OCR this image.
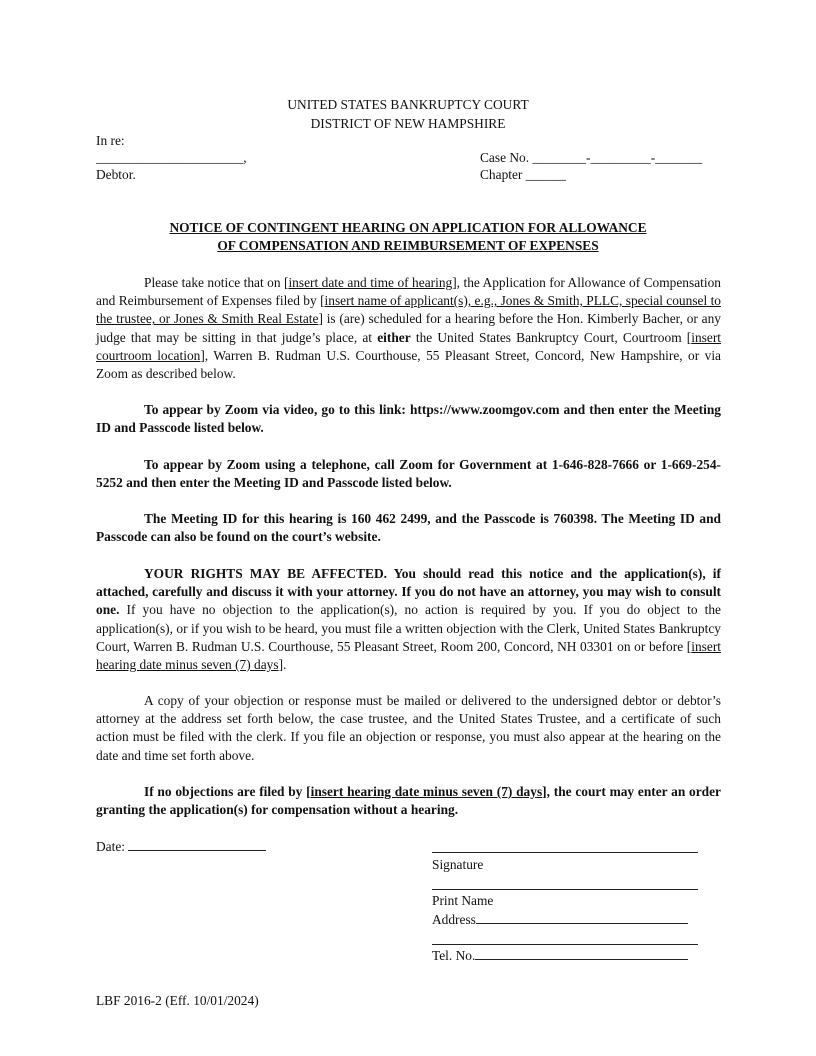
UNITED STATES BANKRUPTCY COURT
DISTRICT OF NEW HAMPSHIRE
In re:
______________________,
Debtor.
Case No. ________-_________-_______
Chapter ______
NOTICE OF CONTINGENT HEARING ON APPLICATION FOR ALLOWANCE
OF COMPENSATION AND REIMBURSEMENT OF EXPENSES
Please take notice that on [insert date and time of hearing], the Application for Allowance of Compensation and Reimbursement of Expenses filed by [insert name of applicant(s), e.g., Jones & Smith, PLLC, special counsel to the trustee, or Jones & Smith Real Estate] is (are) scheduled for a hearing before the Hon. Kimberly Bacher, or any judge that may be sitting in that judge’s place, at either the United States Bankruptcy Court, Courtroom [insert courtroom location], Warren B. Rudman U.S. Courthouse, 55 Pleasant Street, Concord, New Hampshire, or via Zoom as described below.
To appear by Zoom via video, go to this link: https://www.zoomgov.com and then enter the Meeting ID and Passcode listed below.
To appear by Zoom using a telephone, call Zoom for Government at 1-646-828-7666 or 1-669-254-5252 and then enter the Meeting ID and Passcode listed below.
The Meeting ID for this hearing is 160 462 2499, and the Passcode is 760398. The Meeting ID and Passcode can also be found on the court’s website.
YOUR RIGHTS MAY BE AFFECTED. You should read this notice and the application(s), if attached, carefully and discuss it with your attorney. If you do not have an attorney, you may wish to consult one. If you have no objection to the application(s), no action is required by you. If you do object to the application(s), or if you wish to be heard, you must file a written objection with the Clerk, United States Bankruptcy Court, Warren B. Rudman U.S. Courthouse, 55 Pleasant Street, Room 200, Concord, NH 03301 on or before [insert hearing date minus seven (7) days].
A copy of your objection or response must be mailed or delivered to the undersigned debtor or debtor’s attorney at the address set forth below, the case trustee, and the United States Trustee, and a certificate of such action must be filed with the clerk. If you file an objection or response, you must also appear at the hearing on the date and time set forth above.
If no objections are filed by [insert hearing date minus seven (7) days], the court may enter an order granting the application(s) for compensation without a hearing.
Date:
Signature
Print Name
Address
Tel. No.
LBF 2016-2 (Eff. 10/01/2024)
